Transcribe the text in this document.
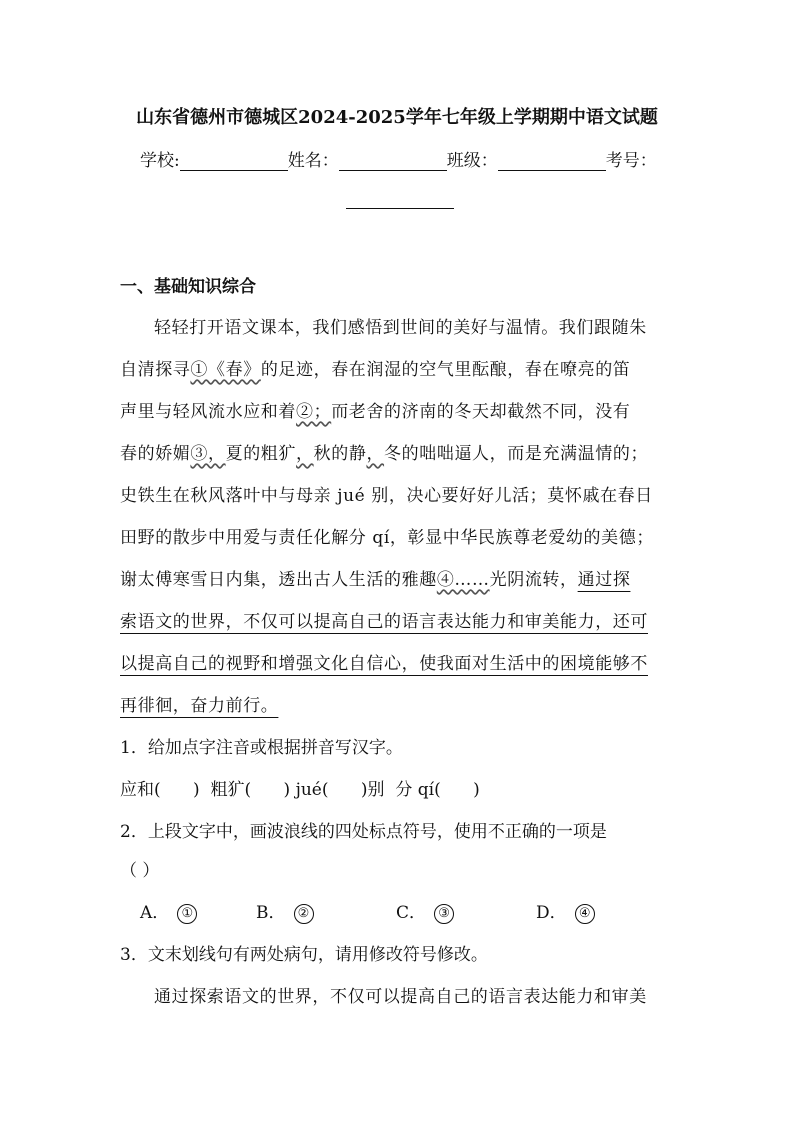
山东省德州市德城区2024-2025学年七年级上学期期中语文试题
学校:	姓名：	班级：	考号：
一、基础知识综合
轻轻打开语文课本，我们感悟到世间的美好与温情。我们跟随朱
自清探寻①《春》的足迹，春在润湿的空气里酝酿，春在嘹亮的笛
声里与轻风流水应和着②；而老舍的济南的冬天却截然不同，没有
春的娇媚③，夏的粗犷，秋的静，冬的咄咄逼人，而是充满温情的；
史铁生在秋风落叶中与母亲 jué 别，决心要好好儿活；莫怀戚在春日
田野的散步中用爱与责任化解分 qí，彰显中华民族尊老爱幼的美德；
谢太傅寒雪日内集，透出古人生活的雅趣④……光阴流转，通过探
索语文的世界，不仅可以提高自己的语言表达能力和审美能力，还可
以提高自己的视野和增强文化自信心，使我面对生活中的困境能够不
再徘徊，奋力前行。
1．给加点字注音或根据拼音写汉字。
应和(      )  粗犷(      ) jué(      )别  分 qí(      )
2．上段文字中，画波浪线的四处标点符号，使用不正确的一项是
（ ）
A． ①	B． ②	C． ③	D． ④
3．文末划线句有两处病句，请用修改符号修改。
通过探索语文的世界，不仅可以提高自己的语言表达能力和审美
